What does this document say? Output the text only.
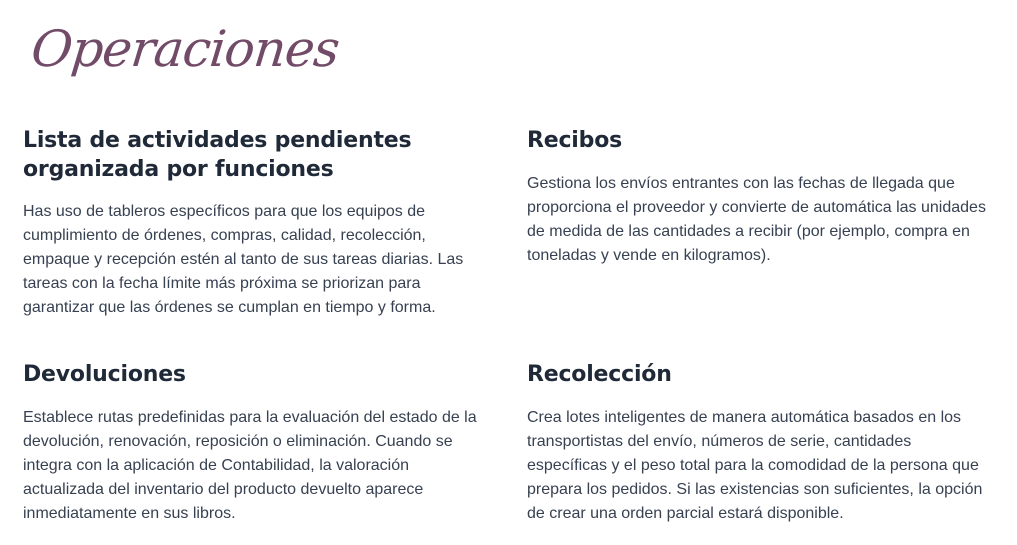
Operaciones
Lista de actividades pendientes organizada por funciones

Has uso de tableros específicos para que los equipos de cumplimiento de órdenes, compras, calidad, recolección, empaque y recepción estén al tanto de sus tareas diarias. Las tareas con la fecha límite más próxima se priorizan para garantizar que las órdenes se cumplan en tiempo y forma.

Recibos

Gestiona los envíos entrantes con las fechas de llegada que proporciona el proveedor y convierte de automática las unidades de medida de las cantidades a recibir (por ejemplo, compra en toneladas y vende en kilogramos).

Devoluciones

Establece rutas predefinidas para la evaluación del estado de la devolución, renovación, reposición o eliminación. Cuando se integra con la aplicación de Contabilidad, la valoración actualizada del inventario del producto devuelto aparece inmediatamente en sus libros.

Recolección

Crea lotes inteligentes de manera automática basados en los transportistas del envío, números de serie, cantidades específicas y el peso total para la comodidad de la persona que prepara los pedidos. Si las existencias son suficientes, la opción de crear una orden parcial estará disponible.
